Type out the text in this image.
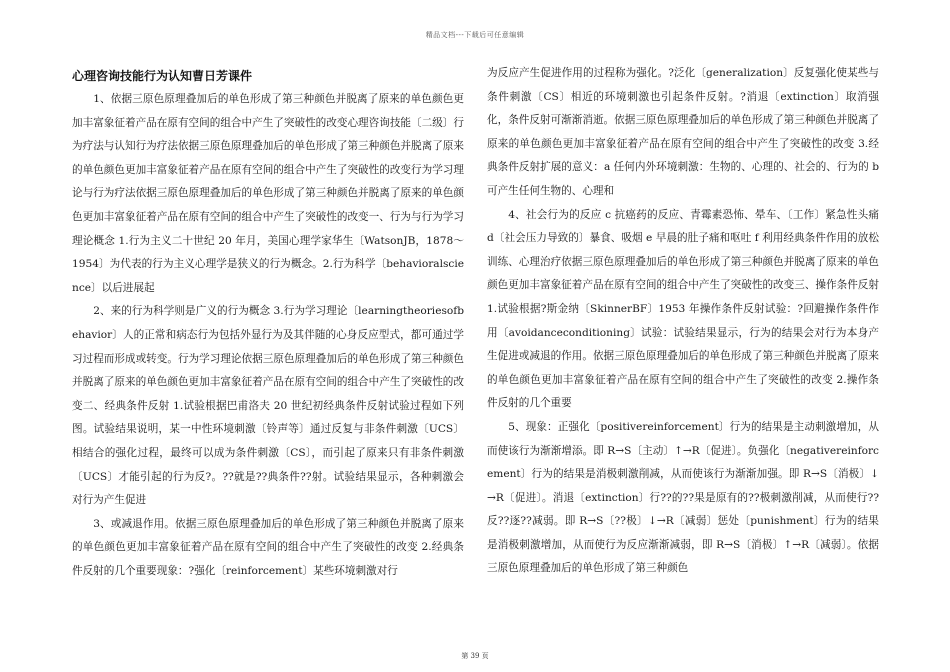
精品文档---下载后可任意编辑
心理咨询技能行为认知曹日芳课件

1、依据三原色原理叠加后的单色形成了第三种颜色并脱离了原来的单色颜色更加丰富象征着产品在原有空间的组合中产生了突破性的改变心理咨询技能〔二级〕行为疗法与认知行为疗法依据三原色原理叠加后的单色形成了第三种颜色并脱离了原来的单色颜色更加丰富象征着产品在原有空间的组合中产生了突破性的改变行为学习理论与行为疗法依据三原色原理叠加后的单色形成了第三种颜色并脱离了原来的单色颜色更加丰富象征着产品在原有空间的组合中产生了突破性的改变一、行为与行为学习理论概念 1.行为主义二十世纪 20 年月，美国心理学家华生〔WatsonJB，1878～1954〕为代表的行为主义心理学是狭义的行为概念。2.行为科学〔behavioralscience〕以后进展起

2、来的行为科学则是广义的行为概念 3.行为学习理论〔learningtheoriesofbehavior〕人的正常和病态行为包括外显行为及其伴随的心身反应型式，都可通过学习过程而形成或转变。行为学习理论依据三原色原理叠加后的单色形成了第三种颜色并脱离了原来的单色颜色更加丰富象征着产品在原有空间的组合中产生了突破性的改变二、经典条件反射 1.试验根据巴甫洛夫 20 世纪初经典条件反射试验过程如下列图。试验结果说明，某一中性环境刺激〔铃声等〕通过反复与非条件刺激〔UCS〕相结合的强化过程，最终可以成为条件刺激〔CS〕，而引起了原来只有非条件刺激〔UCS〕才能引起的行为反?。??就是??典条件??射。试验结果显示，各种刺激会对行为产生促进

3、或减退作用。依据三原色原理叠加后的单色形成了第三种颜色并脱离了原来的单色颜色更加丰富象征着产品在原有空间的组合中产生了突破性的改变 2.经典条件反射的几个重要现象：?强化〔reinforcement〕某些环境刺激对行

为反应产生促进作用的过程称为强化。?泛化〔generalization〕反复强化使某些与条件刺激〔CS〕相近的环境刺激也引起条件反射。?消退〔extinction〕取消强化，条件反射可渐渐消逝。依据三原色原理叠加后的单色形成了第三种颜色并脱离了原来的单色颜色更加丰富象征着产品在原有空间的组合中产生了突破性的改变 3.经典条件反射扩展的意义：a 任何内外环境刺激：生物的、心理的、社会的、行为的 b 可产生任何生物的、心理和

4、社会行为的反应 c 抗癌药的反应、青霉素恐怖、晕车、〔工作〕紧急性头痛 d〔社会压力导致的〕暴食、吸烟 e 早晨的肚子痛和呕吐 f 利用经典条件作用的放松训练、心理治疗依据三原色原理叠加后的单色形成了第三种颜色并脱离了原来的单色颜色更加丰富象征着产品在原有空间的组合中产生了突破性的改变三、操作条件反射 1.试验根据?斯金纳〔SkinnerBF〕1953 年操作条件反射试验：?回避操作条件作用〔avoidanceconditioning〕试验：试验结果显示，行为的结果会对行为本身产生促进或减退的作用。依据三原色原理叠加后的单色形成了第三种颜色并脱离了原来的单色颜色更加丰富象征着产品在原有空间的组合中产生了突破性的改变 2.操作条件反射的几个重要

5、现象：正强化〔positivereinforcement〕行为的结果是主动刺激增加，从而使该行为渐渐增添。即 R→S〔主动〕↑→R〔促进〕。负强化〔negativereinforcement〕行为的结果是消极刺激削减，从而使该行为渐渐加强。即 R→S〔消极〕↓→R〔促进〕。消退〔extinction〕行??的??果是原有的??极刺激削减，从而使行??反??逐??减弱。即 R→S〔??极〕↓→R〔减弱〕惩处〔punishment〕行为的结果是消极刺激增加，从而使行为反应渐渐减弱，即 R→S〔消极〕↑→R〔减弱〕。依据三原色原理叠加后的单色形成了第三种颜色

第 39 页
